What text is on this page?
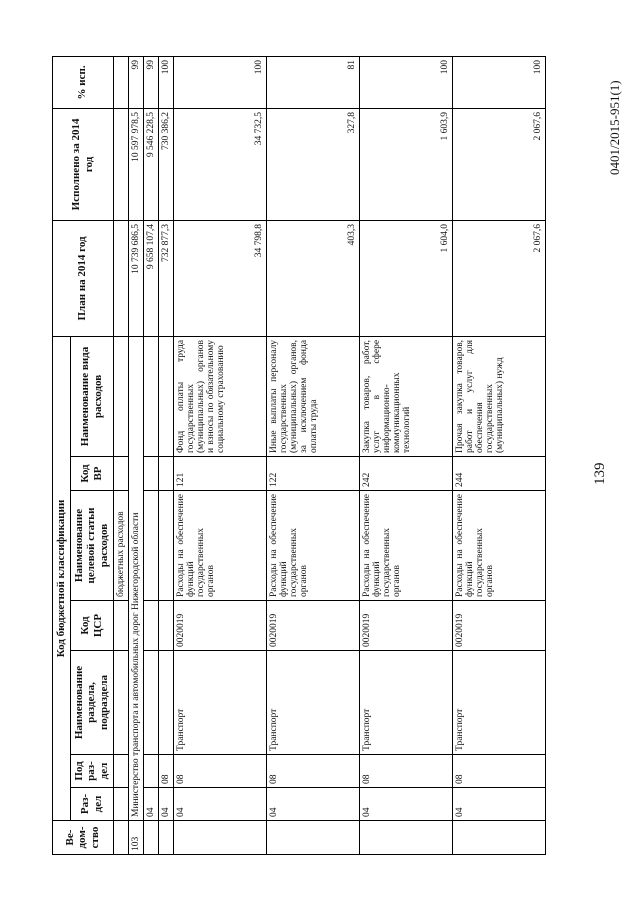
139
0401/2015-951(1)
Ве-
дом-
ство	Код бюджетной классификации							План на 2014 год	Исполнено за 2014 год	% исп.
	Раз-
дел	Под
раз-
дел	Наименование раздела, подраздела	Код ЦСР	Наименование целевой статьи расходов	Код ВР	Наименование вида расходов			
					бюджетных расходов					
103	Министерство транспорта и автомобильных дорог Нижегородской области							10 739 686,5	10 597 978,5	99
	04							9 658 107,4	9 546 228,5	99
	04	08						732 877,3	730 386,2	100
	04	08	Транспорт	0020019	Расходы на обеспечение функций государственных органов	121	Фонд оплаты труда государственных (муниципальных) органов и взносы по обязательному социальному страхованию	34 798,8	34 732,5	100
	04	08	Транспорт	0020019	Расходы на обеспечение функций государственных органов	122	Иные выплаты персоналу государственных (муниципальных) органов, за исключением фонда оплаты труда	403,3	327,8	81
	04	08	Транспорт	0020019	Расходы на обеспечение функций государственных органов	242	Закупка товаров, работ, услуг в сфере информационно-коммуникационных технологий	1 604,0	1 603,9	100
	04	08	Транспорт	0020019	Расходы на обеспечение функций государственных органов	244	Прочая закупка товаров, работ и услуг для обеспечения государственных (муниципальных) нужд	2 067,6	2 067,6	100
